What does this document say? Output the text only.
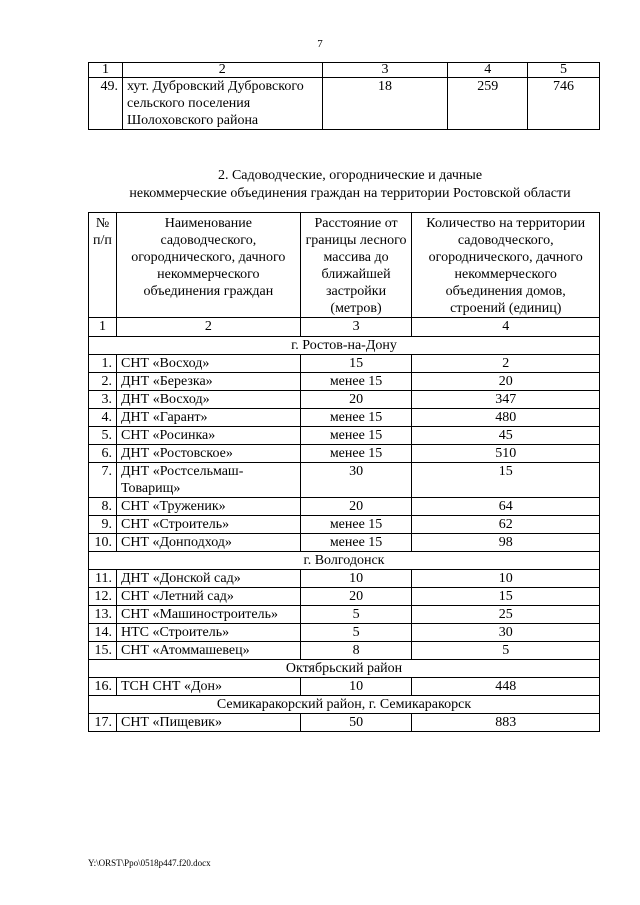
7
1	2	3	4	5
49.	хут. Дубровский Дубровского сельского поселения Шолоховского района	18	259	746
2. Садоводческие, огороднические и дачные
некоммерческие объединения граждан на территории Ростовской области
№ п/п	Наименование садоводческого, огороднического, дачного некоммерческого объединения граждан	Расстояние от границы лесного массива до ближайшей застройки (метров)	Количество на территории садоводческого, огороднического, дачного некоммерческого объединения домов, строений (единиц)
1	2	3	4
г. Ростов-на-Дону			
1.	СНТ «Восход»	15	2
2.	ДНТ «Березка»	менее 15	20
3.	ДНТ «Восход»	20	347
4.	ДНТ «Гарант»	менее 15	480
5.	СНТ «Росинка»	менее 15	45
6.	ДНТ «Ростовское»	менее 15	510
7.	ДНТ «Ростсельмаш-Товарищ»	30	15
8.	СНТ «Труженик»	20	64
9.	СНТ «Строитель»	менее 15	62
10.	СНТ «Донподход»	менее 15	98
г. Волгодонск			
11.	ДНТ «Донской сад»	10	10
12.	СНТ «Летний сад»	20	15
13.	СНТ «Машиностроитель»	5	25
14.	НТС «Строитель»	5	30
15.	СНТ «Атоммашевец»	8	5
Октябрьский район			
16.	ТСН СНТ «Дон»	10	448
Семикаракорский район, г. Семикаракорск			
17.	СНТ «Пищевик»	50	883
Y:\ORST\Ppo\0518p447.f20.docx
